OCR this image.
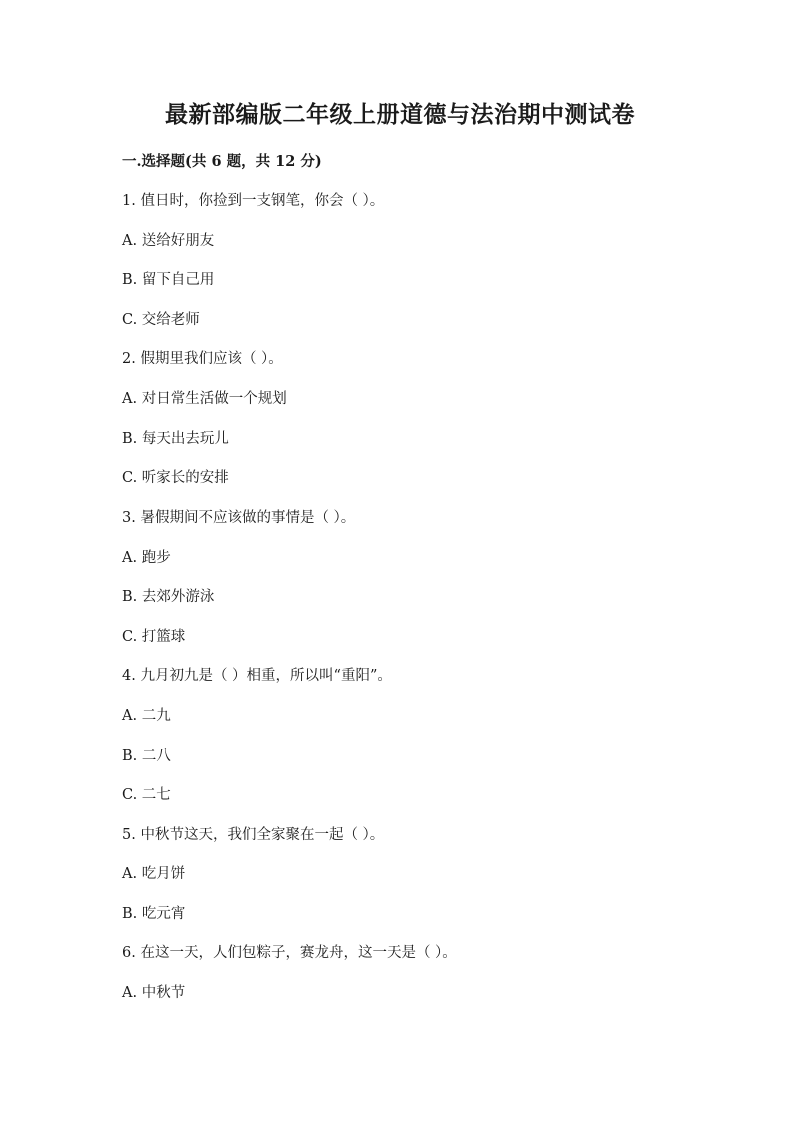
最新部编版二年级上册道德与法治期中测试卷
一.选择题(共 6 题，共 12 分)
1. 值日时，你捡到一支钢笔，你会（ ）。
A. 送给好朋友
B. 留下自己用
C. 交给老师
2. 假期里我们应该（ ）。
A. 对日常生活做一个规划
B. 每天出去玩儿
C. 听家长的安排
3. 暑假期间不应该做的事情是（ ）。
A. 跑步
B. 去郊外游泳
C. 打篮球
4. 九月初九是（ ）相重，所以叫“重阳”。
A. 二九
B. 二八
C. 二七
5. 中秋节这天，我们全家聚在一起（ ）。
A. 吃月饼
B. 吃元宵
6. 在这一天，人们包粽子，赛龙舟，这一天是（ ）。
A. 中秋节
